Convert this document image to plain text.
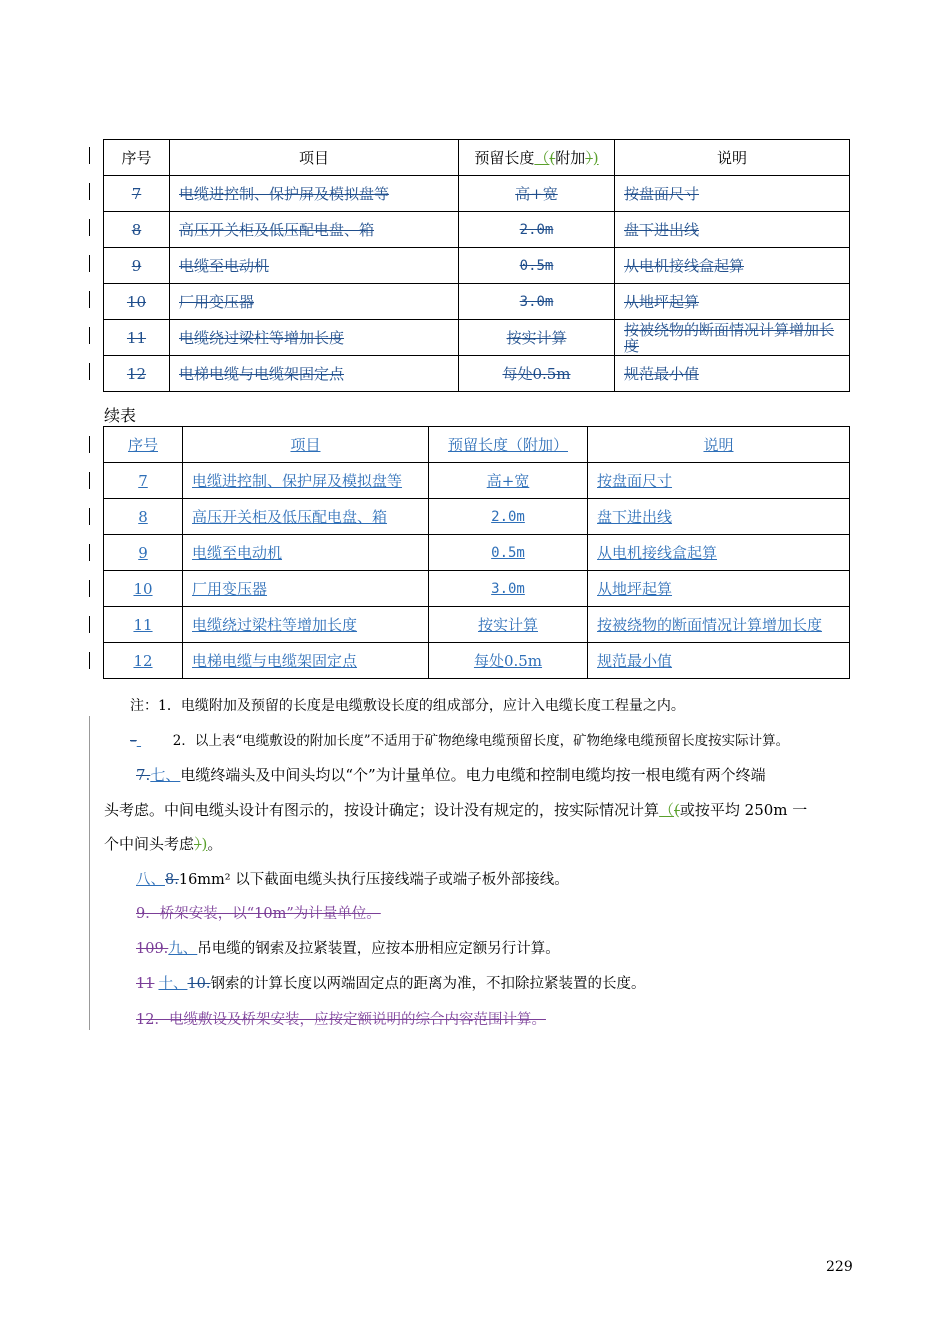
序号	项目	预留长度（(附加）)	说明
7	电缆进控制、保护屏及模拟盘等	高+宽	按盘面尺寸
8	高压开关柜及低压配电盘、箱	2.0m	盘下进出线
9	电缆至电动机	0.5m	从电机接线盒起算
10	厂用变压器	3.0m	从地坪起算
11	电缆绕过梁柱等增加长度	按实计算	按被绕物的断面情况计算增加长度
12	电梯电缆与电缆架固定点	每处0.5m	规范最小值
续表
序号	项目	预留长度（附加）	说明
7	电缆进控制、保护屏及模拟盘等	高+宽	按盘面尺寸
8	高压开关柜及低压配电盘、箱	2.0m	盘下进出线
9	电缆至电动机	0.5m	从电机接线盒起算
10	厂用变压器	3.0m	从地坪起算
11	电缆绕过梁柱等增加长度	按实计算	按被绕物的断面情况计算增加长度
12	电梯电缆与电缆架固定点	每处0.5m	规范最小值
注：1．电缆附加及预留的长度是电缆敷设长度的组成部分，应计入电缆长度工程量之内。
–	2．以上表“电缆敷设的附加长度”不适用于矿物绝缘电缆预留长度，矿物绝缘电缆预留长度按实际计算。
7.七、电缆终端头及中间头均以“个”为计量单位。电力电缆和控制电缆均按一根电缆有两个终端
头考虑。中间电缆头设计有图示的，按设计确定；设计没有规定的，按实际情况计算（(或按平均 250m 一
个中间头考虑）)。
八、8.16mm² 以下截面电缆头执行压接线端子或端子板外部接线。
9．桥架安装，以“10m”为计量单位。
109.九、吊电缆的钢索及拉紧装置，应按本册相应定额另行计算。
11 十、10.钢索的计算长度以两端固定点的距离为准，不扣除拉紧装置的长度。
12．电缆敷设及桥架安装，应按定额说明的综合内容范围计算。
229
